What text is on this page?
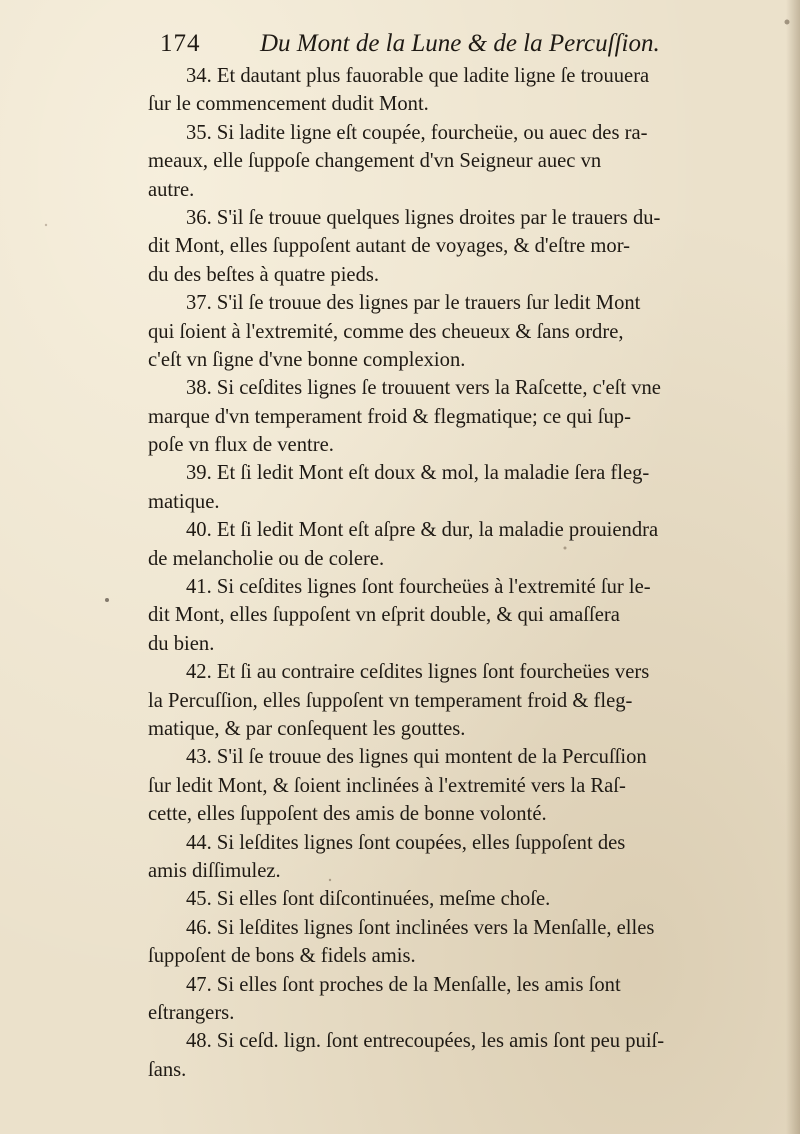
174 Du Mont de la Lune & de la Percuſſion.
34. Et dautant plus fauorable que ladite ligne ſe trouuera
ſur le commencement dudit Mont.
35. Si ladite ligne eſt coupée, fourcheüe, ou auec des ra-
meaux, elle ſuppoſe changement d'vn Seigneur auec vn
autre.
36. S'il ſe trouue quelques lignes droites par le trauers du-
dit Mont, elles ſuppoſent autant de voyages, & d'eſtre mor-
du des beſtes à quatre pieds.
37. S'il ſe trouue des lignes par le trauers ſur ledit Mont
qui ſoient à l'extremité, comme des cheueux & ſans ordre,
c'eſt vn ſigne d'vne bonne complexion.
38. Si ceſdites lignes ſe trouuent vers la Raſcette, c'eſt vne
marque d'vn temperament froid & flegmatique; ce qui ſup-
poſe vn flux de ventre.
39. Et ſi ledit Mont eſt doux & mol, la maladie ſera fleg-
matique.
40. Et ſi ledit Mont eſt aſpre & dur, la maladie prouiendra
de melancholie ou de colere.
41. Si ceſdites lignes ſont fourcheües à l'extremité ſur le-
dit Mont, elles ſuppoſent vn eſprit double, & qui amaſſera
du bien.
42. Et ſi au contraire ceſdites lignes ſont fourcheües vers
la Percuſſion, elles ſuppoſent vn temperament froid & fleg-
matique, & par conſequent les gouttes.
43. S'il ſe trouue des lignes qui montent de la Percuſſion
ſur ledit Mont, & ſoient inclinées à l'extremité vers la Raſ-
cette, elles ſuppoſent des amis de bonne volonté.
44. Si leſdites lignes ſont coupées, elles ſuppoſent des
amis diſſimulez.
45. Si elles ſont diſcontinuées, meſme choſe.
46. Si leſdites lignes ſont inclinées vers la Menſalle, elles
ſuppoſent de bons & fidels amis.
47. Si elles ſont proches de la Menſalle, les amis ſont
eſtrangers.
48. Si ceſd. lign. ſont entrecoupées, les amis ſont peu puiſ-
ſans.
